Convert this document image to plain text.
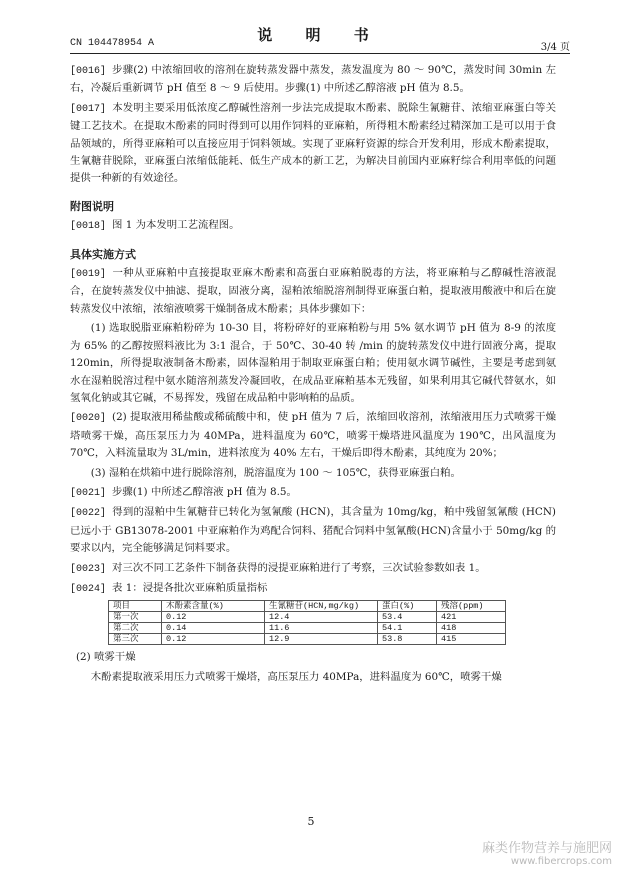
CN 104478954 A	说 明 书
3/4 页

[0016] 步骤(2) 中浓缩回收的溶剂在旋转蒸发器中蒸发，蒸发温度为 80 ～ 90℃，蒸发时间 30min 左右，冷凝后重新调节 pH 值至 8 ～ 9 后使用。步骤(1) 中所述乙醇溶液 pH 值为 8.5。

[0017] 本发明主要采用低浓度乙醇碱性溶剂一步法完成提取木酚素、脱除生氰糖苷、浓缩亚麻蛋白等关键工艺技术。在提取木酚素的同时得到可以用作饲料的亚麻粕，所得粗木酚素经过精深加工是可以用于食品领域的，所得亚麻粕可以直接应用于饲料领域。实现了亚麻籽资源的综合开发利用，形成木酚素提取，生氰糖苷脱除，亚麻蛋白浓缩低能耗、低生产成本的新工艺，为解决目前国内亚麻籽综合利用率低的问题提供一种新的有效途径。

附图说明

[0018] 图 1 为本发明工艺流程图。

具体实施方式

[0019] 一种从亚麻粕中直接提取亚麻木酚素和高蛋白亚麻粕脱毒的方法，将亚麻粕与乙醇碱性溶液混合，在旋转蒸发仪中抽滤、提取，固液分离，湿粕浓缩脱溶剂制得亚麻蛋白粕，提取液用酸液中和后在旋转蒸发仪中浓缩，浓缩液喷雾干燥制备成木酚素；具体步骤如下：

(1) 选取脱脂亚麻粕粉碎为 10-30 目，将粉碎好的亚麻粕粉与用 5% 氨水调节 pH 值为 8-9 的浓度为 65% 的乙醇按照料液比为 3:1 混合，于 50℃、30-40 转 /min 的旋转蒸发仪中进行固液分离，提取 120min，所得提取液制备木酚素，固体湿粕用于制取亚麻蛋白粕；使用氨水调节碱性，主要是考虑到氨水在湿粕脱溶过程中氨水随溶剂蒸发冷凝回收，在成品亚麻粕基本无残留，如果利用其它碱代替氨水，如氢氧化钠或其它碱，不易挥发，残留在成品粕中影响粕的品质。

[0020] (2) 提取液用稀盐酸或稀硫酸中和，使 pH 值为 7 后，浓缩回收溶剂，浓缩液用压力式喷雾干燥塔喷雾干燥，高压泵压力为 40MPa，进料温度为 60℃，喷雾干燥塔进风温度为 190℃，出风温度为 70℃，入料流量取为 3L/min，进料浓度为 40% 左右，干燥后即得木酚素，其纯度为 20%；

(3) 湿粕在烘箱中进行脱除溶剂，脱溶温度为 100 ～ 105℃，获得亚麻蛋白粕。

[0021] 步骤(1) 中所述乙醇溶液 pH 值为 8.5。

[0022] 得到的湿粕中生氰糖苷已转化为氢氰酸 (HCN)，其含量为 10mg/kg，粕中残留氢氰酸 (HCN) 已远小于 GB13078-2001 中亚麻粕作为鸡配合饲料、猪配合饲料中氢氰酸(HCN)含量小于 50mg/kg 的要求以内，完全能够满足饲料要求。

[0023] 对三次不同工艺条件下制备获得的浸提亚麻粕进行了考察，三次试验参数如表 1。

[0024] 表 1：浸提各批次亚麻粕质量指标

项目	木酚素含量(%)	生氰糖苷(HCN,mg/kg)	蛋白(%)	残溶(ppm)
第一次	0.12	12.4	53.4	421
第二次	0.14	11.6	54.1	418
第三次	0.12	12.9	53.8	415

(2) 喷雾干燥

木酚素提取液采用压力式喷雾干燥塔，高压泵压力 40MPa，进料温度为 60℃，喷雾干燥

5
麻类作物营养与施肥网
www.fibercrops.com
